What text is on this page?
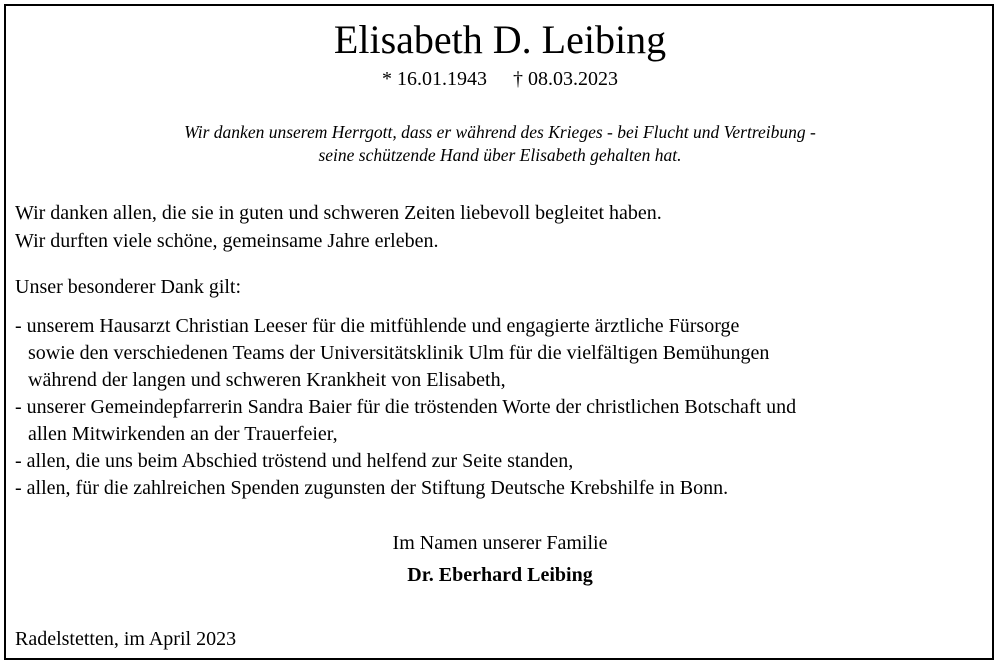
Elisabeth D. Leibing
* 16.01.1943 † 08.03.2023
Wir danken unserem Herrgott, dass er während des Krieges - bei Flucht und Vertreibung -
seine schützende Hand über Elisabeth gehalten hat.
Wir danken allen, die sie in guten und schweren Zeiten liebevoll begleitet haben.
Wir durften viele schöne, gemeinsame Jahre erleben.
Unser besonderer Dank gilt:
- unserem Hausarzt Christian Leeser für die mitfühlende und engagierte ärztliche Fürsorge
sowie den verschiedenen Teams der Universitätsklinik Ulm für die vielfältigen Bemühungen
während der langen und schweren Krankheit von Elisabeth,
- unserer Gemeindepfarrerin Sandra Baier für die tröstenden Worte der christlichen Botschaft und
allen Mitwirkenden an der Trauerfeier,
- allen, die uns beim Abschied tröstend und helfend zur Seite standen,
- allen, für die zahlreichen Spenden zugunsten der Stiftung Deutsche Krebshilfe in Bonn.
Im Namen unserer Familie
Dr. Eberhard Leibing
Radelstetten, im April 2023
